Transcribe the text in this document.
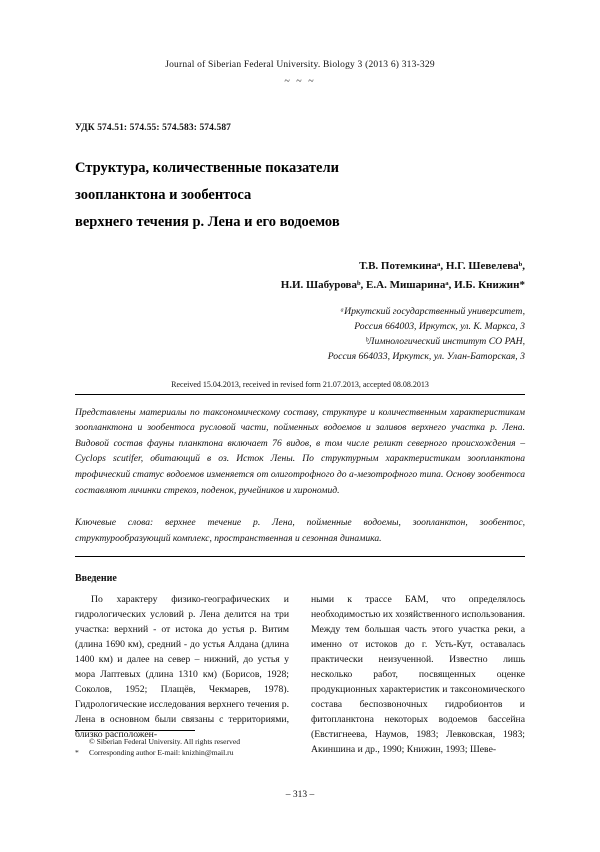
Journal of Siberian Federal University. Biology 3 (2013 6) 313-329
~ ~ ~
УДК 574.51: 574.55: 574.583: 574.587
Структура, количественные показатели
зоопланктона и зообентоса
верхнего течения р. Лена и его водоемов
Т.В. Потемкинаᵃ, Н.Г. Шевелеваᵇ,
Н.И. Шабуроваᵇ, Е.А. Мишаринаᵃ, И.Б. Книжин*
ᵃИркутский государственный университет,
Россия 664003, Иркутск, ул. К. Маркса, 3
ᵇЛимнологический институт СО РАН,
Россия 664033, Иркутск, ул. Улан-Баторская, 3
Received 15.04.2013, received in revised form 21.07.2013, accepted 08.08.2013

Представлены материалы по таксономическому составу, структуре и количественным характеристикам зоопланктона и зообентоса русловой части, пойменных водоемов и заливов верхнего участка р. Лена. Видовой состав фауны планктона включает 76 видов, в том числе реликт северного происхождения – Cyclops scutifer, обитающий в оз. Исток Лены. По структурным характеристикам зоопланктона трофический статус водоемов изменяется от олиготрофного до a-мезотрофного типа. Основу зообентоса составляют личинки стрекоз, поденок, ручейников и хирономид.

Ключевые слова: верхнее течение р. Лена, пойменные водоемы, зоопланктон, зообентос, структурообразующий комплекс, пространственная и сезонная динамика.
Введение

По характеру физико-географических и гидрологических условий р. Лена делится на три участка: верхний - от истока до устья р. Витим (длина 1690 км), средний - до устья Алдана (длина 1400 км) и далее на север – нижний, до устья у мора Лаптевых (длина 1310 км) (Борисов, 1928; Соколов, 1952; Плащёв, Чекмарев, 1978). Гидрологические исследования верхнего течения р. Лена в основном были связаны с территориями, близко расположен-

ными к трассе БАМ, что определялось необходимостью их хозяйственного использования. Между тем большая часть этого участка реки, а именно от истоков до г. Усть-Кут, оставалась практически неизученной. Известно лишь несколько работ, посвященных оценке продукционных характеристик и таксономического состава беспозвоночных гидробионтов и фитопланктона некоторых водоемов бассейна (Евстигнеева, Наумов, 1983; Левковская, 1983; Акиншина и др., 1990; Книжин, 1993; Шеве-

© Siberian Federal University. All rights reserved
*	Corresponding author E-mail: knizhin@mail.ru
– 313 –
